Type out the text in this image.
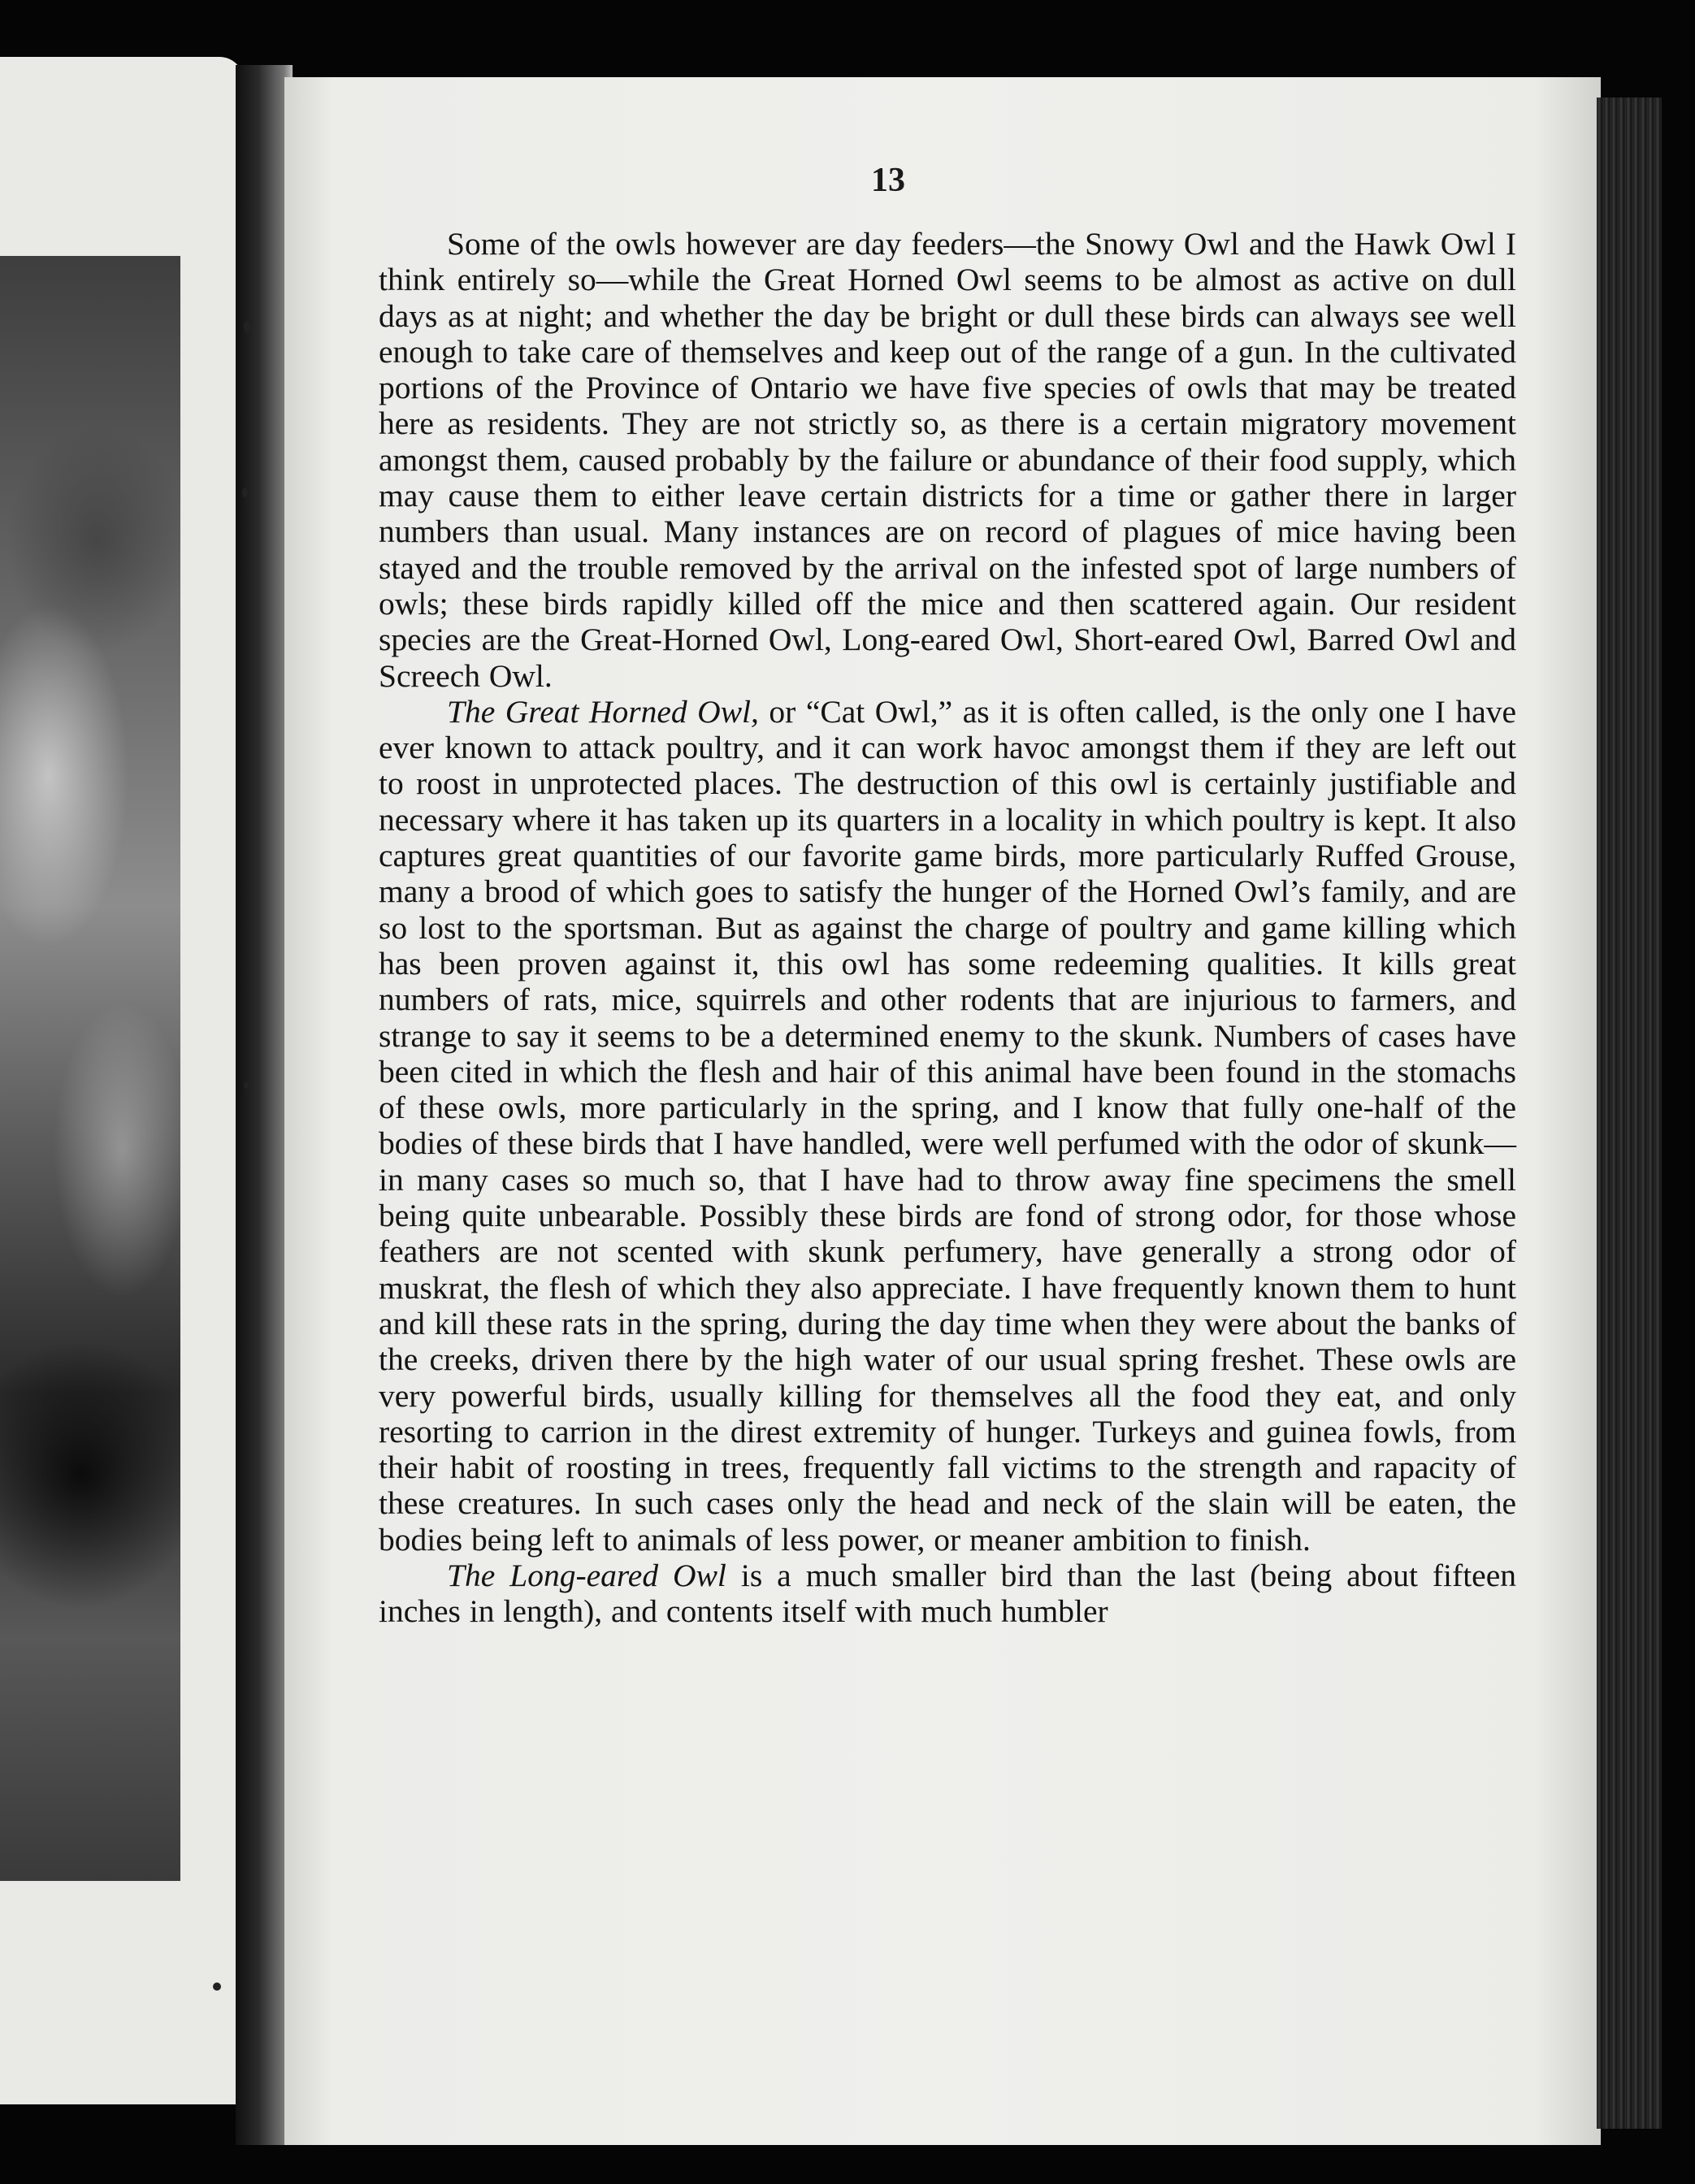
13

Some of the owls however are day feeders—the Snowy Owl and the Hawk Owl I think entirely so—while the Great Horned Owl seems to be almost as active on dull days as at night; and whether the day be bright or dull these birds can always see well enough to take care of themselves and keep out of the range of a gun. In the cultivated portions of the Province of Ontario we have five species of owls that may be treated here as residents. They are not strictly so, as there is a certain migratory movement amongst them, caused probably by the failure or abundance of their food supply, which may cause them to either leave certain districts for a time or gather there in larger numbers than usual. Many instances are on record of plagues of mice having been stayed and the trouble removed by the arrival on the infested spot of large numbers of owls; these birds rapidly killed off the mice and then scattered again. Our resident species are the Great-Horned Owl, Long-eared Owl, Short-eared Owl, Barred Owl and Screech Owl.

The Great Horned Owl, or “Cat Owl,” as it is often called, is the only one I have ever known to attack poultry, and it can work havoc amongst them if they are left out to roost in unprotected places. The destruction of this owl is certainly justifiable and necessary where it has taken up its quarters in a locality in which poultry is kept. It also captures great quantities of our favorite game birds, more particularly Ruffed Grouse, many a brood of which goes to satisfy the hunger of the Horned Owl’s family, and are so lost to the sportsman. But as against the charge of poultry and game killing which has been proven against it, this owl has some redeeming qualities. It kills great numbers of rats, mice, squirrels and other rodents that are injurious to farmers, and strange to say it seems to be a determined enemy to the skunk. Numbers of cases have been cited in which the flesh and hair of this animal have been found in the stomachs of these owls, more particularly in the spring, and I know that fully one-half of the bodies of these birds that I have handled, were well perfumed with the odor of skunk—in many cases so much so, that I have had to throw away fine specimens the smell being quite unbearable. Possibly these birds are fond of strong odor, for those whose feathers are not scented with skunk perfumery, have generally a strong odor of muskrat, the flesh of which they also appreciate. I have frequently known them to hunt and kill these rats in the spring, during the day time when they were about the banks of the creeks, driven there by the high water of our usual spring freshet. These owls are very powerful birds, usually killing for themselves all the food they eat, and only resorting to carrion in the direst extremity of hunger. Turkeys and guinea fowls, from their habit of roosting in trees, frequently fall victims to the strength and rapacity of these creatures. In such cases only the head and neck of the slain will be eaten, the bodies being left to animals of less power, or meaner ambition to finish.

The Long-eared Owl is a much smaller bird than the last (being about fifteen inches in length), and contents itself with much humbler
